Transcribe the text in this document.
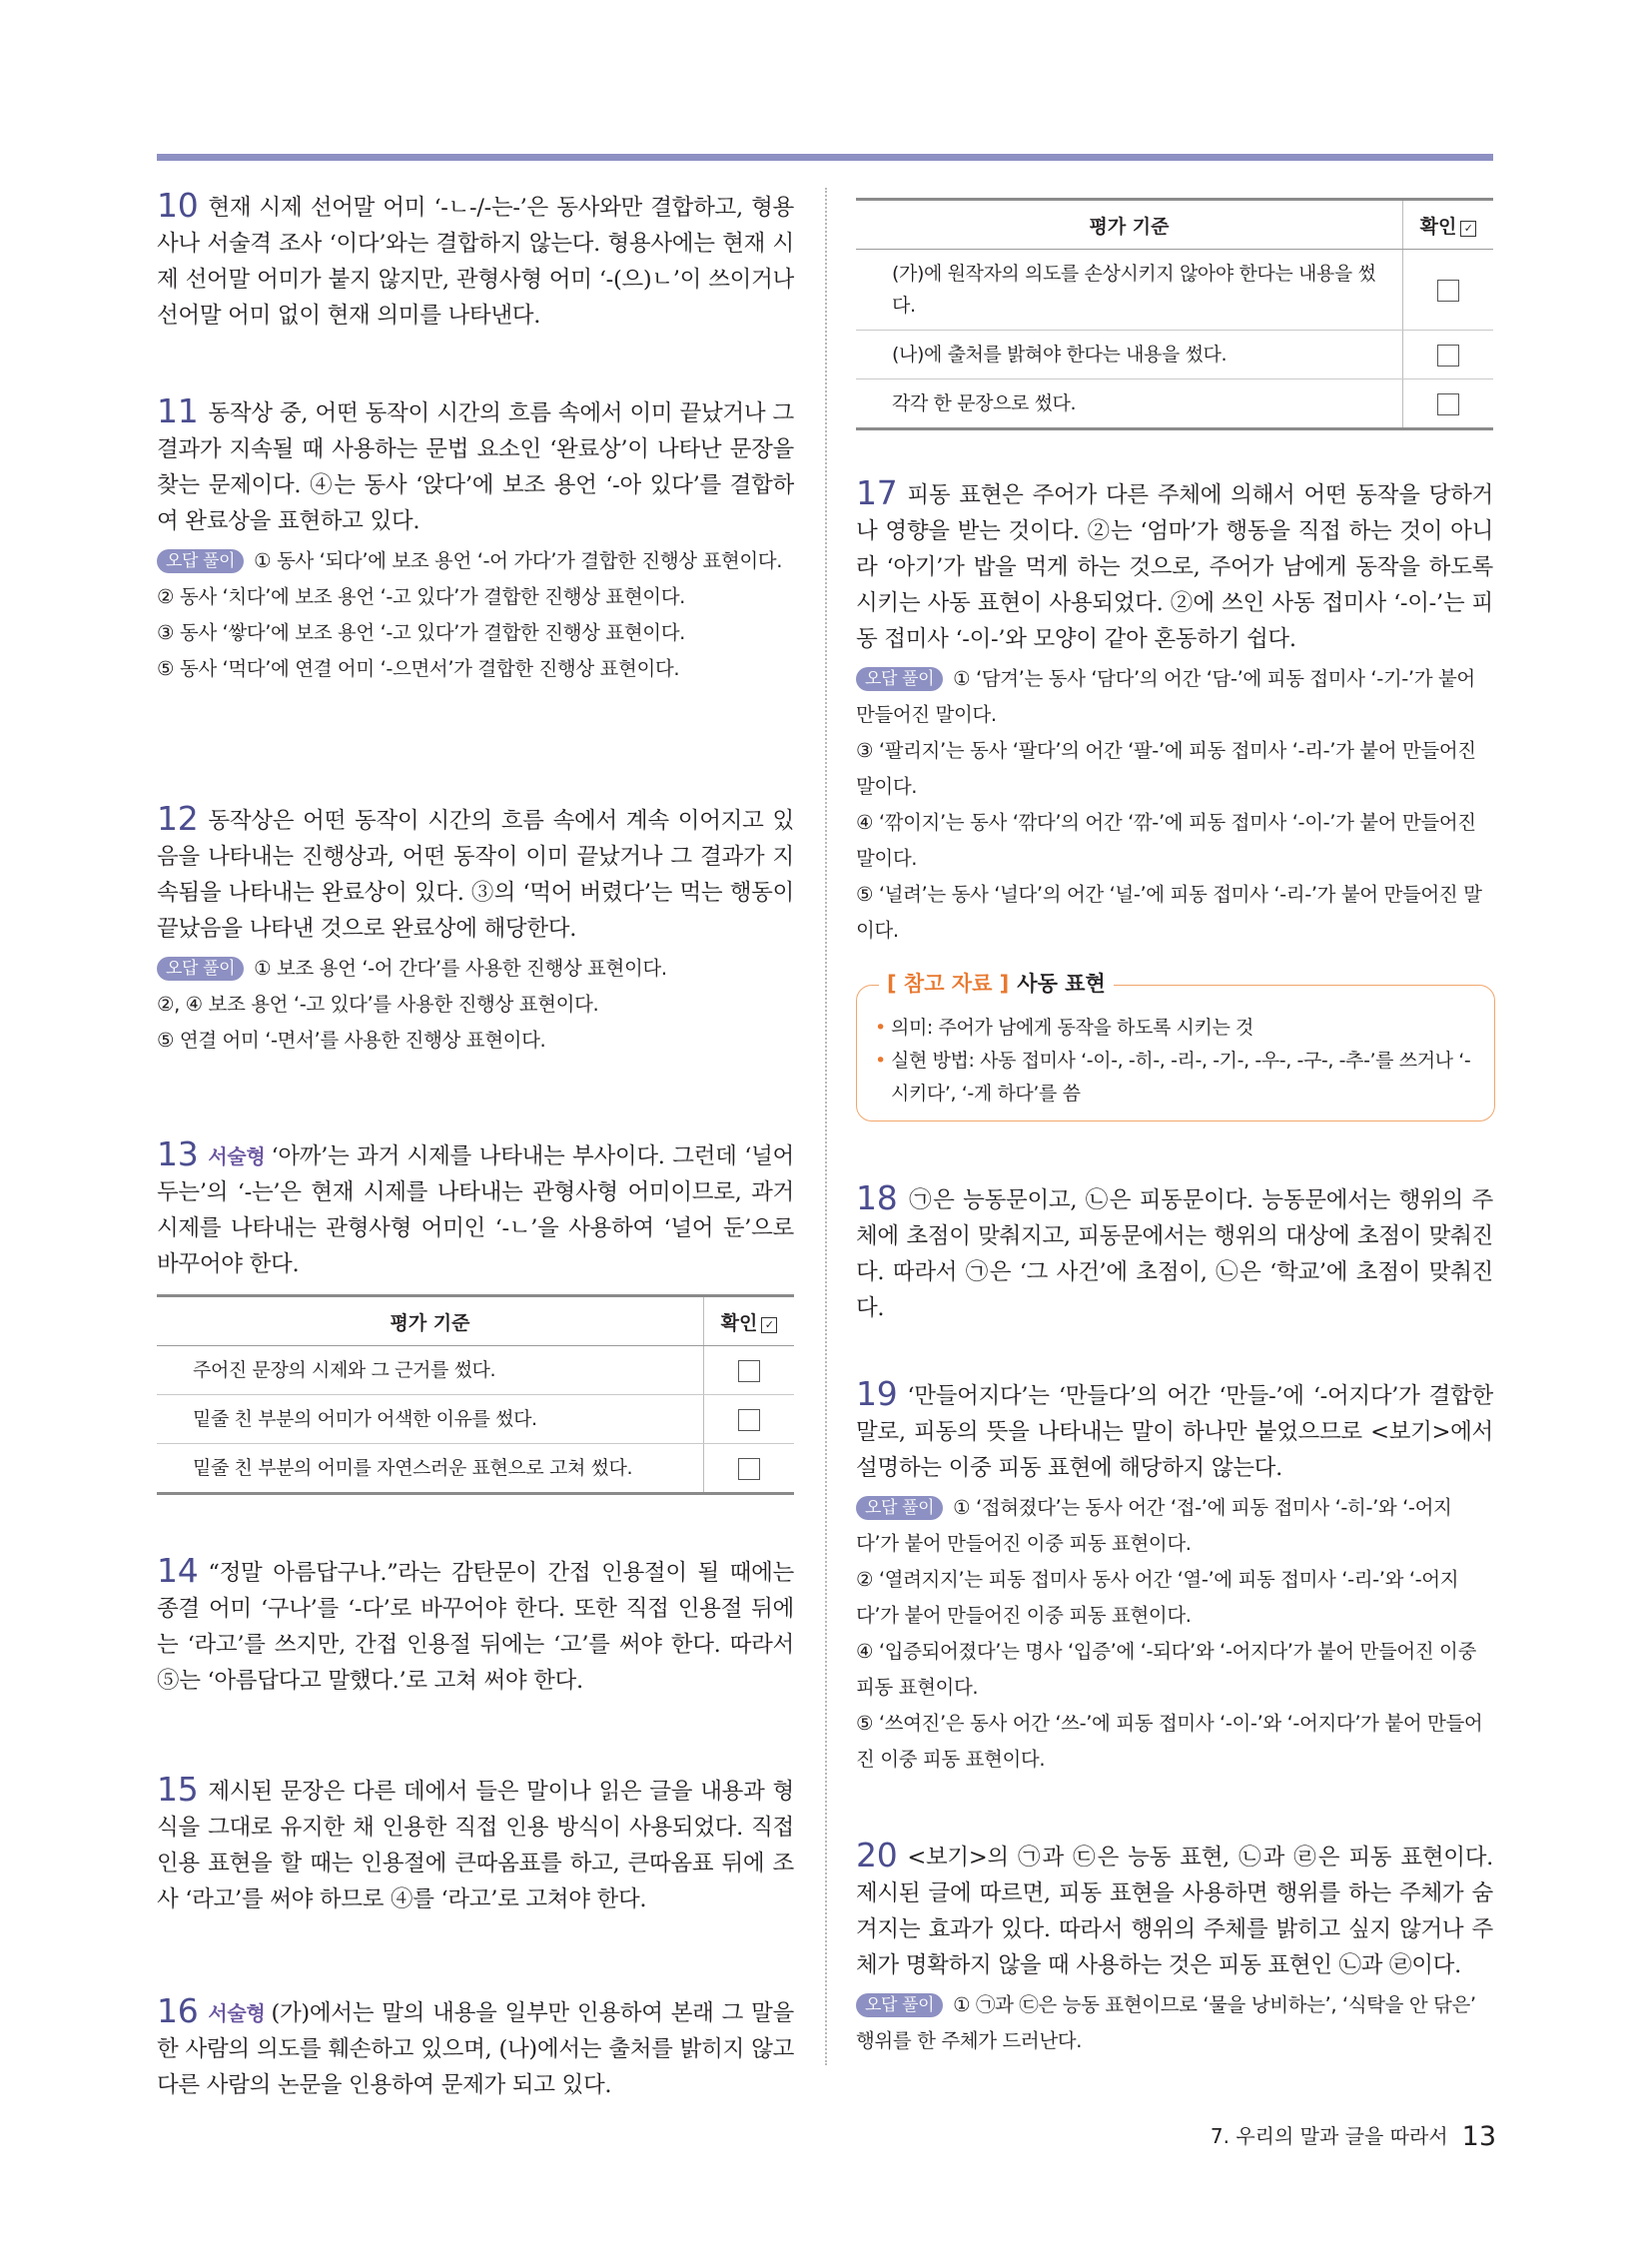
10 현재 시제 선어말 어미 ‘-ㄴ-/-는-’은 동사와만 결합하고, 형용사나 서술격 조사 ‘이다’와는 결합하지 않는다. 형용사에는 현재 시제 선어말 어미가 붙지 않지만, 관형사형 어미 ‘-(으)ㄴ’이 쓰이거나 선어말 어미 없이 현재 의미를 나타낸다.

11 동작상 중, 어떤 동작이 시간의 흐름 속에서 이미 끝났거나 그 결과가 지속될 때 사용하는 문법 요소인 ‘완료상’이 나타난 문장을 찾는 문제이다. ④는 동사 ‘앉다’에 보조 용언 ‘-아 있다’를 결합하여 완료상을 표현하고 있다.

오답 풀이 ① 동사 ‘되다’에 보조 용언 ‘-어 가다’가 결합한 진행상 표현이다.

② 동사 ‘치다’에 보조 용언 ‘-고 있다’가 결합한 진행상 표현이다.

③ 동사 ‘쌓다’에 보조 용언 ‘-고 있다’가 결합한 진행상 표현이다.

⑤ 동사 ‘먹다’에 연결 어미 ‘-으면서’가 결합한 진행상 표현이다.

12 동작상은 어떤 동작이 시간의 흐름 속에서 계속 이어지고 있음을 나타내는 진행상과, 어떤 동작이 이미 끝났거나 그 결과가 지속됨을 나타내는 완료상이 있다. ③의 ‘먹어 버렸다’는 먹는 행동이 끝났음을 나타낸 것으로 완료상에 해당한다.

오답 풀이 ① 보조 용언 ‘-어 간다’를 사용한 진행상 표현이다.

②, ④ 보조 용언 ‘-고 있다’를 사용한 진행상 표현이다.

⑤ 연결 어미 ‘-면서’를 사용한 진행상 표현이다.

13 서술형 ‘아까’는 과거 시제를 나타내는 부사이다. 그런데 ‘널어 두는’의 ‘-는’은 현재 시제를 나타내는 관형사형 어미이므로, 과거 시제를 나타내는 관형사형 어미인 ‘-ㄴ’을 사용하여 ‘널어 둔’으로 바꾸어야 한다.

평가 기준	확인 ✓
주어진 문장의 시제와 그 근거를 썼다.	
밑줄 친 부분의 어미가 어색한 이유를 썼다.	
밑줄 친 부분의 어미를 자연스러운 표현으로 고쳐 썼다.	

14 “정말 아름답구나.”라는 감탄문이 간접 인용절이 될 때에는 종결 어미 ‘구나’를 ‘-다’로 바꾸어야 한다. 또한 직접 인용절 뒤에는 ‘라고’를 쓰지만, 간접 인용절 뒤에는 ‘고’를 써야 한다. 따라서 ⑤는 ‘아름답다고 말했다.’로 고쳐 써야 한다.

15 제시된 문장은 다른 데에서 들은 말이나 읽은 글을 내용과 형식을 그대로 유지한 채 인용한 직접 인용 방식이 사용되었다. 직접 인용 표현을 할 때는 인용절에 큰따옴표를 하고, 큰따옴표 뒤에 조사 ‘라고’를 써야 하므로 ④를 ‘라고’로 고쳐야 한다.

16 서술형 (가)에서는 말의 내용을 일부만 인용하여 본래 그 말을 한 사람의 의도를 훼손하고 있으며, (나)에서는 출처를 밝히지 않고 다른 사람의 논문을 인용하여 문제가 되고 있다.

평가 기준	확인 ✓
(가)에 원작자의 의도를 손상시키지 않아야 한다는 내용을 썼다.	
(나)에 출처를 밝혀야 한다는 내용을 썼다.	
각각 한 문장으로 썼다.	

17 피동 표현은 주어가 다른 주체에 의해서 어떤 동작을 당하거나 영향을 받는 것이다. ②는 ‘엄마’가 행동을 직접 하는 것이 아니라 ‘아기’가 밥을 먹게 하는 것으로, 주어가 남에게 동작을 하도록 시키는 사동 표현이 사용되었다. ②에 쓰인 사동 접미사 ‘-이-’는 피동 접미사 ‘-이-’와 모양이 같아 혼동하기 쉽다.

오답 풀이 ① ‘담겨’는 동사 ‘담다’의 어간 ‘담-’에 피동 접미사 ‘-기-’가 붙어 만들어진 말이다.

③ ‘팔리지’는 동사 ‘팔다’의 어간 ‘팔-’에 피동 접미사 ‘-리-’가 붙어 만들어진 말이다.

④ ‘깎이지’는 동사 ‘깎다’의 어간 ‘깎-’에 피동 접미사 ‘-이-’가 붙어 만들어진 말이다.

⑤ ‘널려’는 동사 ‘널다’의 어간 ‘널-’에 피동 접미사 ‘-리-’가 붙어 만들어진 말이다.

[ 참고 자료 ] 사동 표현
• 의미: 주어가 남에게 동작을 하도록 시키는 것
• 실현 방법: 사동 접미사 ‘-이-, -히-, -리-, -기-, -우-, -구-, -추-’를 쓰거나 ‘-시키다’, ‘-게 하다’를 씀

18 ㉠은 능동문이고, ㉡은 피동문이다. 능동문에서는 행위의 주체에 초점이 맞춰지고, 피동문에서는 행위의 대상에 초점이 맞춰진다. 따라서 ㉠은 ‘그 사건’에 초점이, ㉡은 ‘학교’에 초점이 맞춰진다.

19 ‘만들어지다’는 ‘만들다’의 어간 ‘만들-’에 ‘-어지다’가 결합한 말로, 피동의 뜻을 나타내는 말이 하나만 붙었으므로 <보기>에서 설명하는 이중 피동 표현에 해당하지 않는다.

오답 풀이 ① ‘접혀졌다’는 동사 어간 ‘접-’에 피동 접미사 ‘-히-’와 ‘-어지다’가 붙어 만들어진 이중 피동 표현이다.

② ‘열려지지’는 피동 접미사 동사 어간 ‘열-’에 피동 접미사 ‘-리-’와 ‘-어지다’가 붙어 만들어진 이중 피동 표현이다.

④ ‘입증되어졌다’는 명사 ‘입증’에 ‘-되다’와 ‘-어지다’가 붙어 만들어진 이중 피동 표현이다.

⑤ ‘쓰여진’은 동사 어간 ‘쓰-’에 피동 접미사 ‘-이-’와 ‘-어지다’가 붙어 만들어진 이중 피동 표현이다.

20 <보기>의 ㉠과 ㉢은 능동 표현, ㉡과 ㉣은 피동 표현이다. 제시된 글에 따르면, 피동 표현을 사용하면 행위를 하는 주체가 숨겨지는 효과가 있다. 따라서 행위의 주체를 밝히고 싶지 않거나 주체가 명확하지 않을 때 사용하는 것은 피동 표현인 ㉡과 ㉣이다.

오답 풀이 ① ㉠과 ㉢은 능동 표현이므로 ‘물을 낭비하는’, ‘식탁을 안 닦은’ 행위를 한 주체가 드러난다.

7. 우리의 말과 글을 따라서 13
